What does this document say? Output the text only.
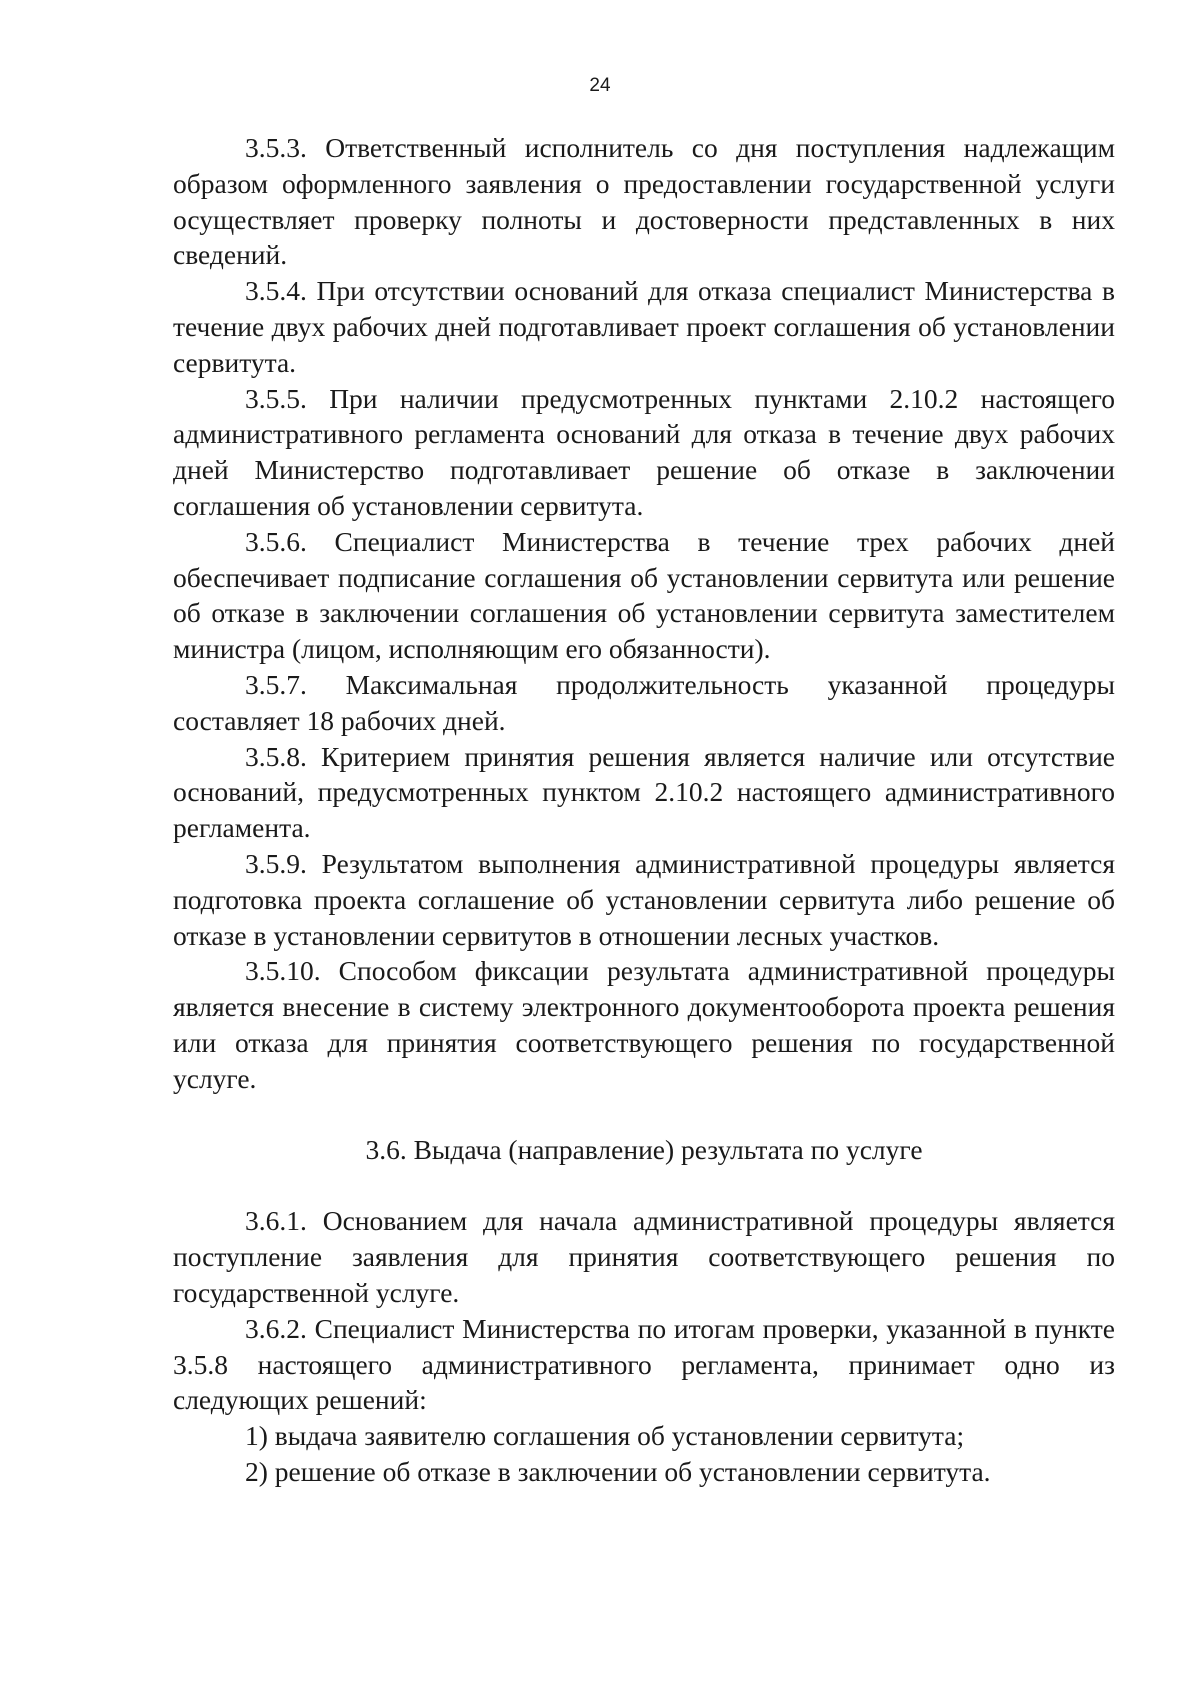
24

3.5.3. Ответственный исполнитель со дня поступления надлежащим образом оформленного заявления о предоставлении государственной услуги осуществляет проверку полноты и достоверности представленных в них сведений.

3.5.4. При отсутствии оснований для отказа специалист Министерства в течение двух рабочих дней подготавливает проект соглашения об установлении сервитута.

3.5.5. При наличии предусмотренных пунктами 2.10.2 настоящего административного регламента оснований для отказа в течение двух рабочих дней Министерство подготавливает решение об отказе в заключении соглашения об установлении сервитута.

3.5.6. Специалист Министерства в течение трех рабочих дней обеспечивает подписание соглашения об установлении сервитута или решение об отказе в заключении соглашения об установлении сервитута заместителем министра (лицом, исполняющим его обязанности).

3.5.7. Максимальная продолжительность указанной процедуры составляет 18 рабочих дней.

3.5.8. Критерием принятия решения является наличие или отсутствие оснований, предусмотренных пунктом 2.10.2 настоящего административного регламента.

3.5.9. Результатом выполнения административной процедуры является подготовка проекта соглашение об установлении сервитута либо решение об отказе в установлении сервитутов в отношении лесных участков.

3.5.10. Способом фиксации результата административной процедуры является внесение в систему электронного документооборота проекта решения или отказа для принятия соответствующего решения по государственной услуге.

3.6. Выдача (направление) результата по услуге

3.6.1. Основанием для начала административной процедуры является поступление заявления для принятия соответствующего решения по государственной услуге.

3.6.2. Специалист Министерства по итогам проверки, указанной в пункте 3.5.8 настоящего административного регламента, принимает одно из следующих решений:

1) выдача заявителю соглашения об установлении сервитута;

2) решение об отказе в заключении об установлении сервитута.
